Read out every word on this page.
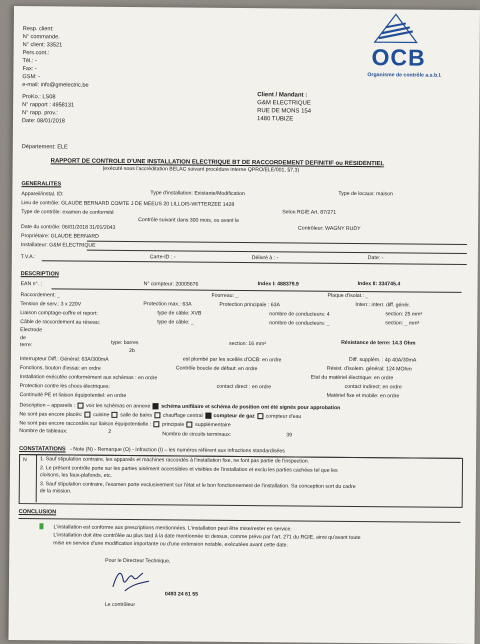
Resp. client:
N° commande.
N° client: 33521
Pers.cont.:
Tél.: -
Fax: -
GSM: -
e-mail: info@gmelectric.be
ProKo.: LS08
N° rapport : 4958131
N° rapp. prov.:
Date: 08/01/2018
OCB
Organisme de contrôle a.s.b.l.
Client / Mandant :
G&M ELECTRIQUE
RUE DE MONS 154
1480 TUBIZE
Département: ELE
RAPPORT DE CONTROLE D'UNE INSTALLATION ELECTRIQUE BT DE RACCORDEMENT DEFINITIF ou RESIDENTIEL
(exécuté sous l'accréditation BELAC suivant procédure interne QPRO/ELE/001, §7.3)
GENERALITES
Appareil/instal. ID:	Type d'installation: Existante/Modification	Type de locaux: maison
Lieu de contrôle: GLAUDE BERNARD COMTE J DE MEEUS 20 LILLOIS-WITTERZEE 1428
Type de contrôle: examen de conformité	Selon RGIE Art. 87/271
Contrôle suivant dans 300 mois, ou avant le
Date du contrôle: 06/01/2018 31/01/2043	Contrôleur: WAGNY RUDY
Propriétaire: GLAUDE BERNARD
Installateur: G&M ELECTRIQUE
T.V.A.:	Carte-ID : -	Délivré à : -	Date: -
DESCRIPTION
EAN n°. :	N° compteur: 20005676	Index I: 488379.9	Index II: 334745.4
Raccordement: _	Fourreau: _	Plaque d'isolat.: _
Tension de serv.: 3 x 220V	Protection max.: 63A	Protection principale : 63A	Interr.: interr. diff. génér.
Liaison comptage-coffre et report:	type de câble: XVB	nombre de conducteurs: 4	section: 25 mm²
Câble de raccordement au réseau:	type de câble: _	nombre de conducteurs: _	section: _ mm²
Electrode
de
terre:	type: barres
2b
section: 16 mm²	Résistance de terre: 14.3 Ohm
Interrupteur Diff.: Général: 63A/300mA	est plombé par les scellés d'OCB: en ordre	Diff. supplém. : 4p 40A/30mA
Fonctions, bouton d'essai: en ordre	Contrôle boucle de défaut: en ordre	Résist. d'isolem. général: 124 MOhm
Installation exécutée conformément aux schémas : en ordre	Etat du matériel électrique: en ordre
Protection contre les chocs électriques:	contact direct : en ordre	contact indirect: en ordre
Continuité PE et liaison équipotentiel: en ordre	Matériel fixe et mobile: en ordre
Description – appareils : voir les schémas en annexe schéma unifilaire et schéma de position ont été signés pour approbation
Ne sont pas encore placés: cuisine salle de bains chauffage central compteur de gaz compteur d'eau
Ne sont pas encore raccordés sur liaison équipotentielle : principale supplémentaire
Nombre de tableaux:	2	Nombre de circuits terminaux:	39
CONSTATATIONS - Note (N) - Remarque (O) - Infraction (I) – les numéros réfèrent aux infractions standardisées
N	1. Sauf stipulation contraire, les appareils et machines raccordés à l'installation fixe, ne font pas partie de l'inspection.
2. Le présent contrôle porte sur les parties aisément accessibles et visibles de l'installation et exclu les parties cachées tel que les
cloisons, les faux-plafonds, etc.
3. Sauf stipulation contraire, l'examen porte exclusivement sur l'état et le bon fonctionnement de l'installation. Sa conception sort du cadre
de la mission.
CONCLUSION
L'installation est conforme aux prescriptions mentionnées. L'installation peut être mise/rester en service.
L'installation doit être contrôlée au plus tard à la date mentionnée ici dessus, comme prévu par l'art. 271 du RGIE, ainsi qu'avant toute
mise en service d'une modification importante ou d'une extension notable, exécutées avant cette date.
Pour le Directeur Technique,
0493 24 61 55
Le contrôleur
